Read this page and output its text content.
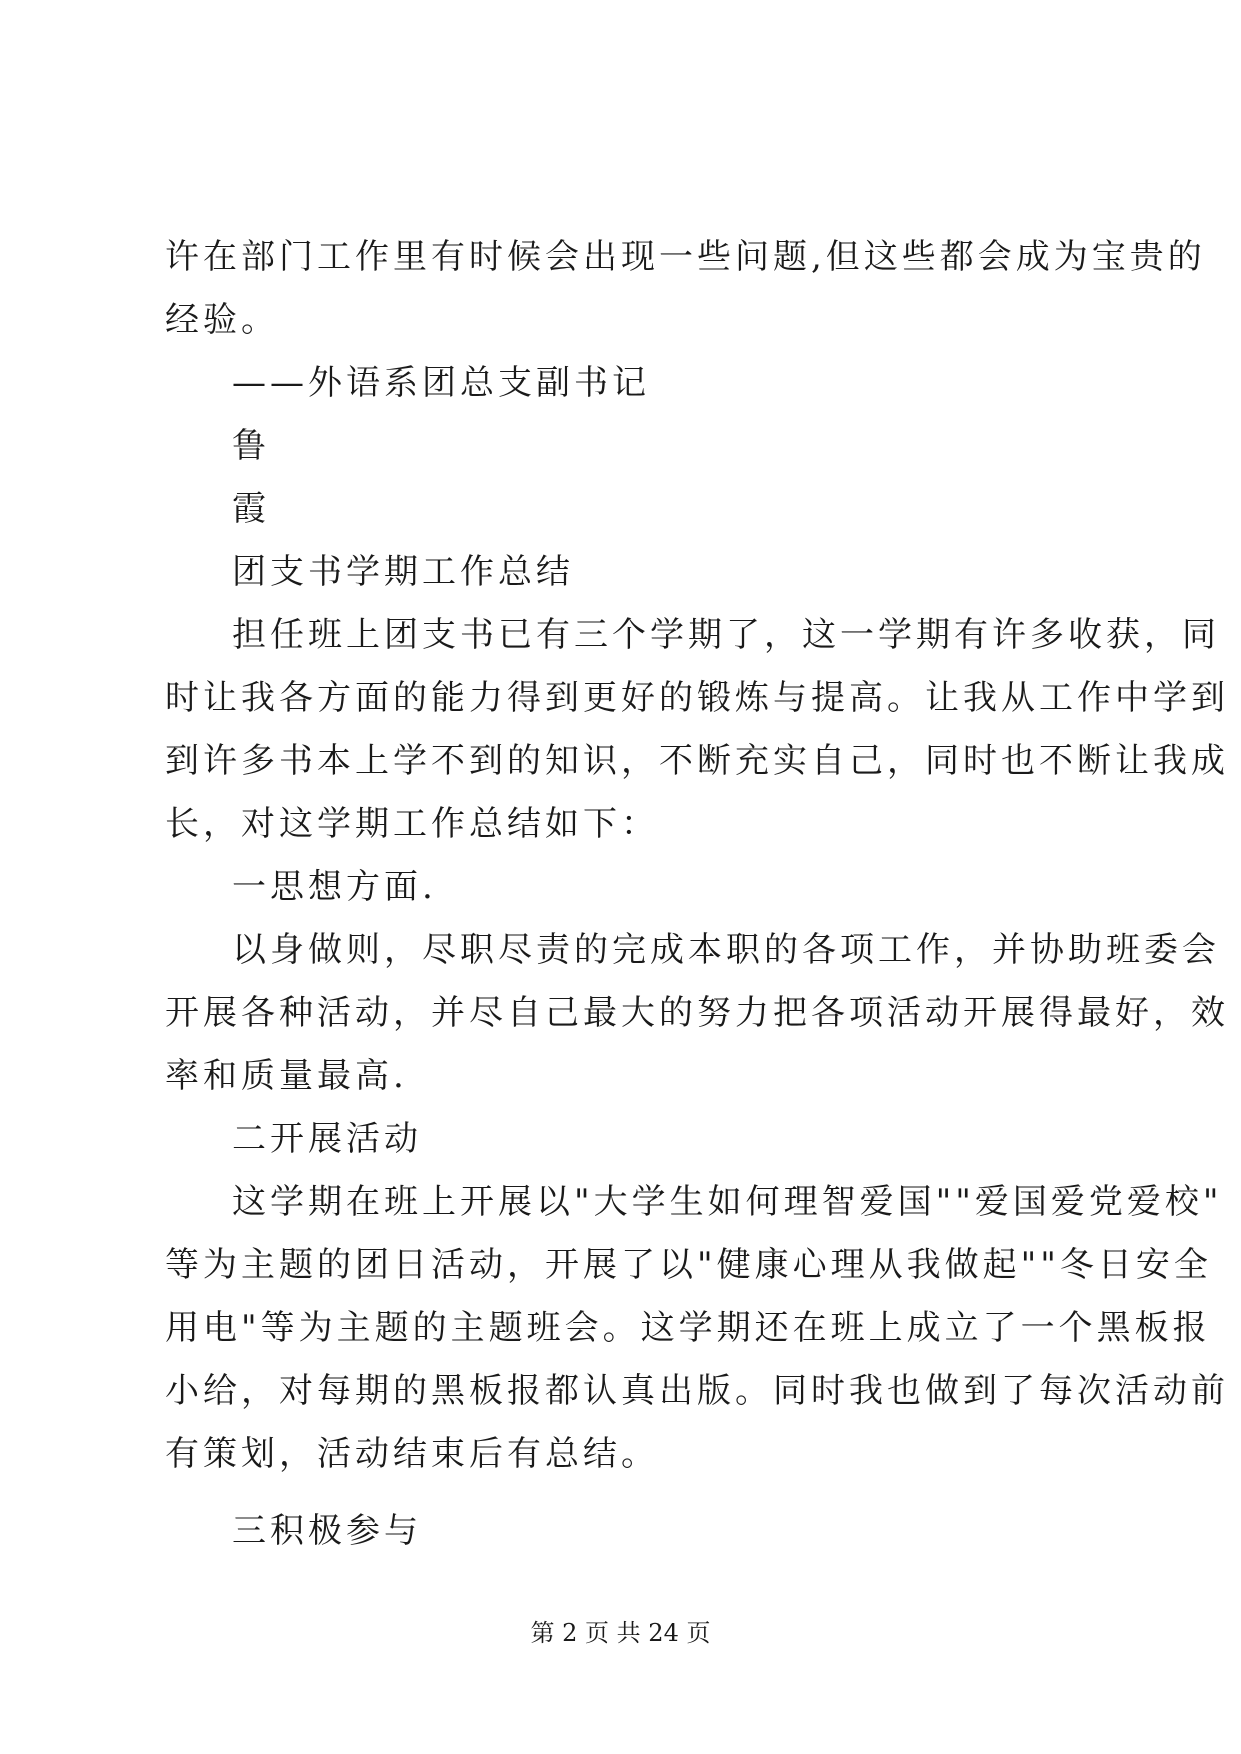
许在部门工作里有时候会出现一些问题,但这些都会成为宝贵的
经验。
——外语系团总支副书记
鲁
霞
团支书学期工作总结
担任班上团支书已有三个学期了，这一学期有许多收获，同
时让我各方面的能力得到更好的锻炼与提高。让我从工作中学到
到许多书本上学不到的知识，不断充实自己，同时也不断让我成
长，对这学期工作总结如下：
一思想方面.
以身做则，尽职尽责的完成本职的各项工作，并协助班委会
开展各种活动，并尽自己最大的努力把各项活动开展得最好，效
率和质量最高.
二开展活动
这学期在班上开展以"大学生如何理智爱国""爱国爱党爱校"
等为主题的团日活动，开展了以"健康心理从我做起""冬日安全
用电"等为主题的主题班会。这学期还在班上成立了一个黑板报
小给，对每期的黑板报都认真出版。同时我也做到了每次活动前
有策划，活动结束后有总结。
三积极参与
第 2 页 共 24 页
